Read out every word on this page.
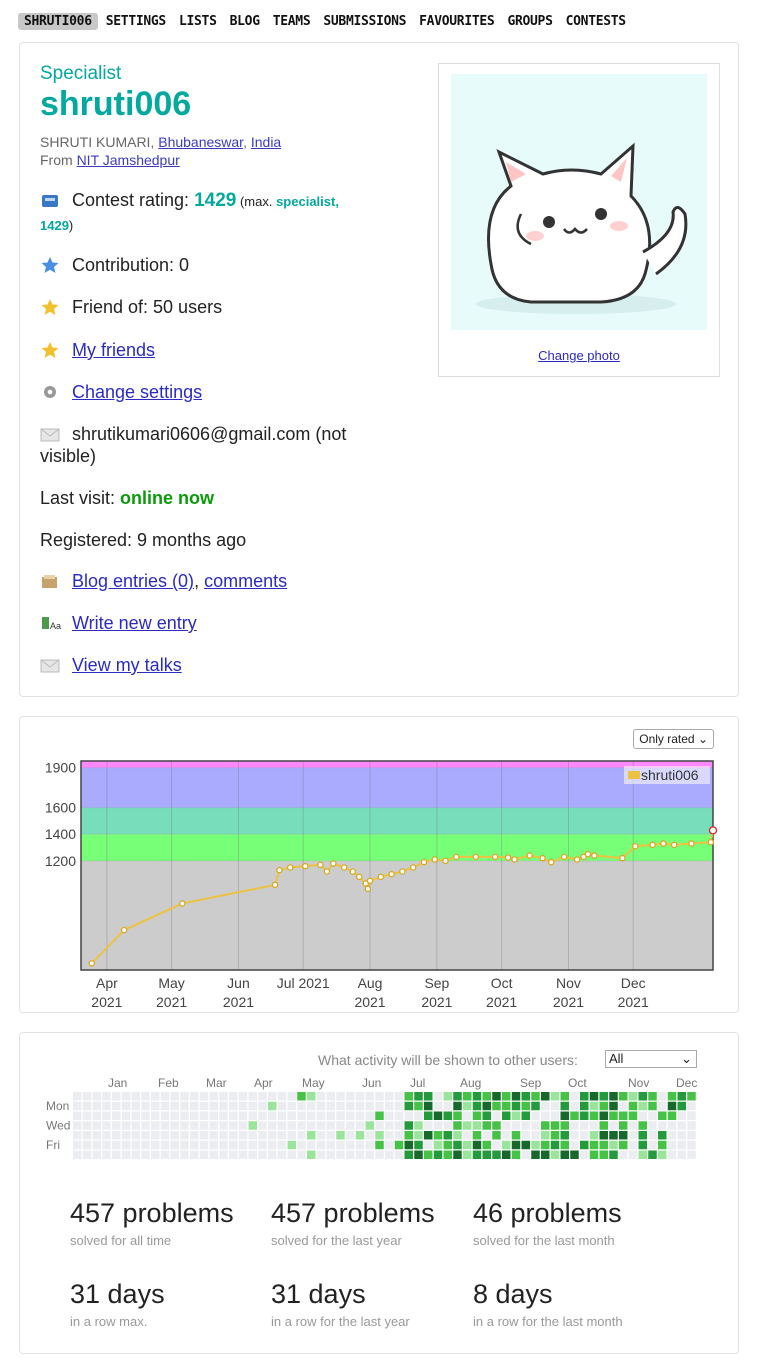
SHRUTI006	SETTINGS LISTS BLOG TEAMS SUBMISSIONS FAVOURITES GROUPS CONTESTS
Specialist
shruti006
SHRUTI KUMARI, Bhubaneswar, India
From NIT Jamshedpur
Contest rating: 1429 (max. specialist,
1429)
Contribution: 0
Friend of: 50 users
My friends
Change settings
shrutikumari0606@gmail.com (not visible)
Last visit: online now
Registered: 9 months ago
Blog entries (0), comments
Aa Write new entry
View my talks
Change photo
Only rated ⌄
Apr
2021
May
2021
Jun
2021
Jul 2021 Aug
2021
Sep
2021
Oct
2021
Nov
2021
Dec
2021
1200
1400
1600
1900	shruti006
What activity will be shown to other users:	All	⌄
Jan	Feb Mar Apr May	Jun Jul	Aug	Sep Oct	Nov Dec
Mon
Wed
Fri
457 problems
solved for all time
457 problems
solved for the last year
46 problems
solved for the last month
31 days
in a row max.
31 days
in a row for the last year
8 days
in a row for the last month
